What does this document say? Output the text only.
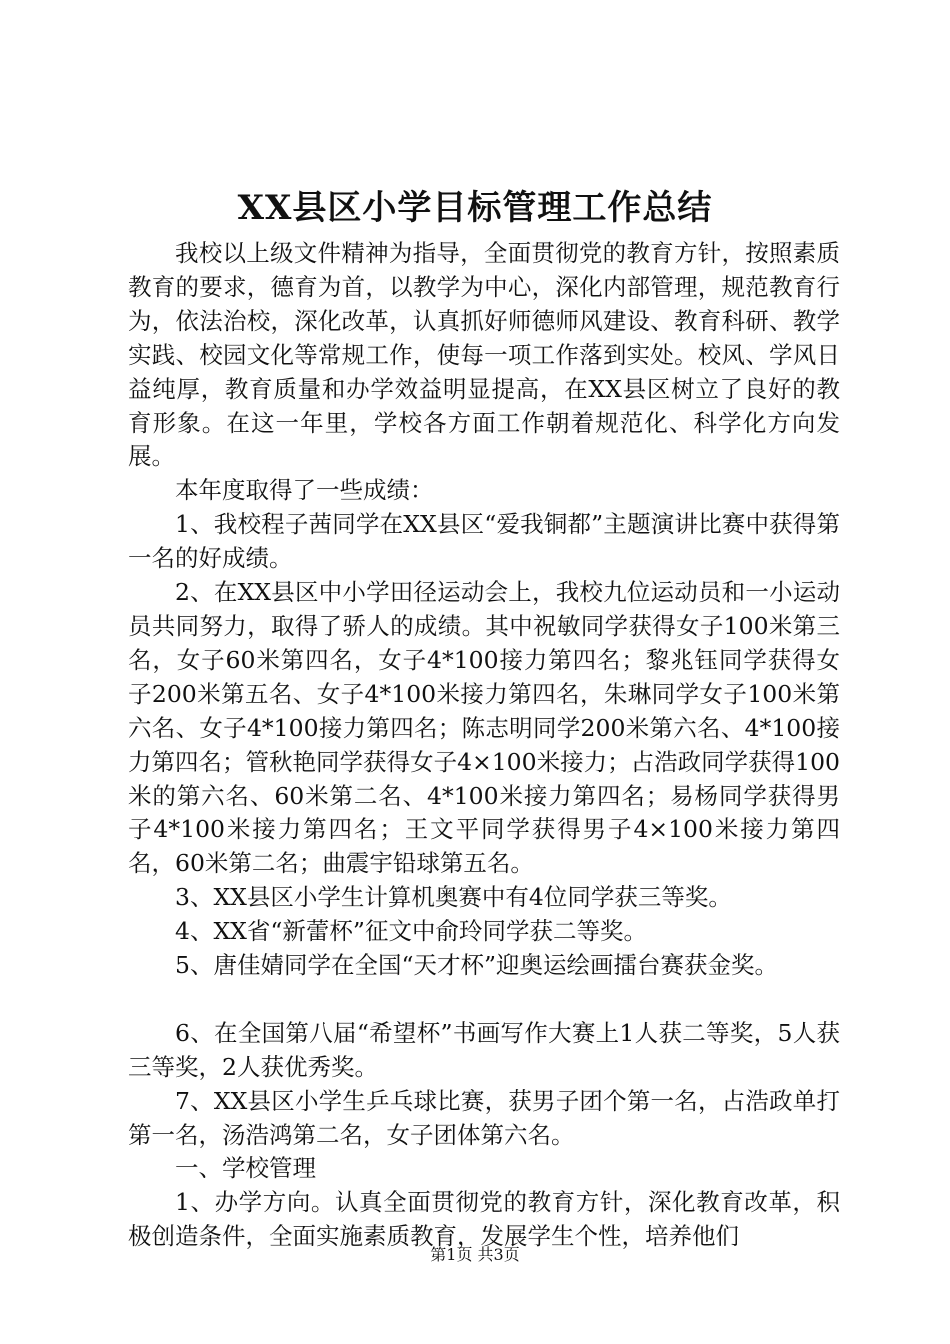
XX县区小学目标管理工作总结

我校以上级文件精神为指导，全面贯彻党的教育方针，按照素质教育的要求，德育为首，以教学为中心，深化内部管理，规范教育行为，依法治校，深化改革，认真抓好师德师风建设、教育科研、教学实践、校园文化等常规工作，使每一项工作落到实处。校风、学风日益纯厚，教育质量和办学效益明显提高，在XX县区树立了良好的教育形象。在这一年里，学校各方面工作朝着规范化、科学化方向发展。

本年度取得了一些成绩：

1、我校程子茜同学在XX县区“爱我铜都”主题演讲比赛中获得第一名的好成绩。

2、在XX县区中小学田径运动会上，我校九位运动员和一小运动员共同努力，取得了骄人的成绩。其中祝敏同学获得女子100米第三名，女子60米第四名，女子4*100接力第四名；黎兆钰同学获得女子200米第五名、女子4*100米接力第四名，朱琳同学女子100米第六名、女子4*100接力第四名；陈志明同学200米第六名、4*100接力第四名；管秋艳同学获得女子4×100米接力；占浩政同学获得100米的第六名、60米第二名、4*100米接力第四名；易杨同学获得男子4*100米接力第四名；王文平同学获得男子4×100米接力第四名，60米第二名；曲震宇铅球第五名。

3、XX县区小学生计算机奥赛中有4位同学获三等奖。

4、XX省“新蕾杯”征文中俞玲同学获二等奖。

5、唐佳婧同学在全国“天才杯”迎奥运绘画擂台赛获金奖。

6、在全国第八届“希望杯”书画写作大赛上1人获二等奖，5人获三等奖，2人获优秀奖。

7、XX县区小学生乒乓球比赛，获男子团个第一名，占浩政单打第一名，汤浩鸿第二名，女子团体第六名。

一、学校管理

1、办学方向。认真全面贯彻党的教育方针，深化教育改革，积极创造条件，全面实施素质教育，发展学生个性，培养他们

第1页 共3页
